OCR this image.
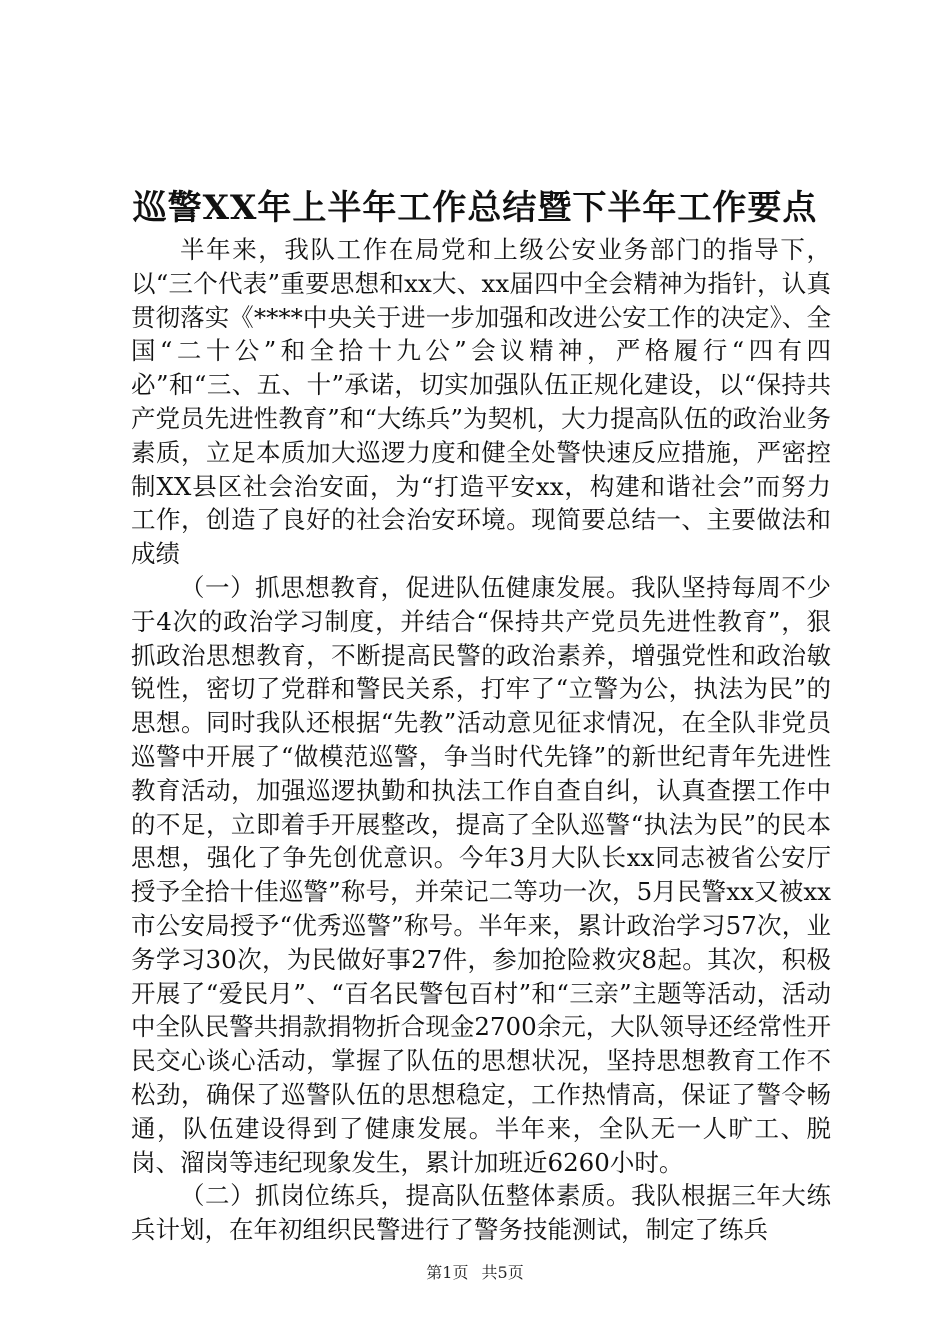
巡警XX年上半年工作总结暨下半年工作要点

半年来，我队工作在局党和上级公安业务部门的指导下，以“三个代表”重要思想和xx大、xx届四中全会精神为指针，认真贯彻落实《****中央关于进一步加强和改进公安工作的决定》、全国“二十公”和全拾十九公”会议精神，严格履行“四有四必”和“三、五、十”承诺，切实加强队伍正规化建设，以“保持共产党员先进性教育”和“大练兵”为契机，大力提高队伍的政治业务素质，立足本质加大巡逻力度和健全处警快速反应措施，严密控制XX县区社会治安面，为“打造平安xx，构建和谐社会”而努力工作，创造了良好的社会治安环境。现简要总结一、主要做法和成绩

（一）抓思想教育，促进队伍健康发展。我队坚持每周不少于4次的政治学习制度，并结合“保持共产党员先进性教育”，狠抓政治思想教育，不断提高民警的政治素养，增强党性和政治敏锐性，密切了党群和警民关系，打牢了“立警为公，执法为民”的思想。同时我队还根据“先教”活动意见征求情况，在全队非党员巡警中开展了“做模范巡警，争当时代先锋”的新世纪青年先进性教育活动，加强巡逻执勤和执法工作自查自纠，认真查摆工作中的不足，立即着手开展整改，提高了全队巡警“执法为民”的民本思想，强化了争先创优意识。今年3月大队长xx同志被省公安厅授予全拾十佳巡警”称号，并荣记二等功一次，5月民警xx又被xx市公安局授予“优秀巡警”称号。半年来，累计政治学习57次，业务学习30次，为民做好事27件，参加抢险救灾8起。其次，积极开展了“爱民月”、“百名民警包百村”和“三亲”主题等活动，活动中全队民警共捐款捐物折合现金2700余元，大队领导还经常性开民交心谈心活动，掌握了队伍的思想状况，坚持思想教育工作不松劲，确保了巡警队伍的思想稳定，工作热情高，保证了警令畅通，队伍建设得到了健康发展。半年来，全队无一人旷工、脱岗、溜岗等违纪现象发生，累计加班近6260小时。

（二）抓岗位练兵，提高队伍整体素质。我队根据三年大练兵计划，在年初组织民警进行了警务技能测试，制定了练兵

第1页 共5页
